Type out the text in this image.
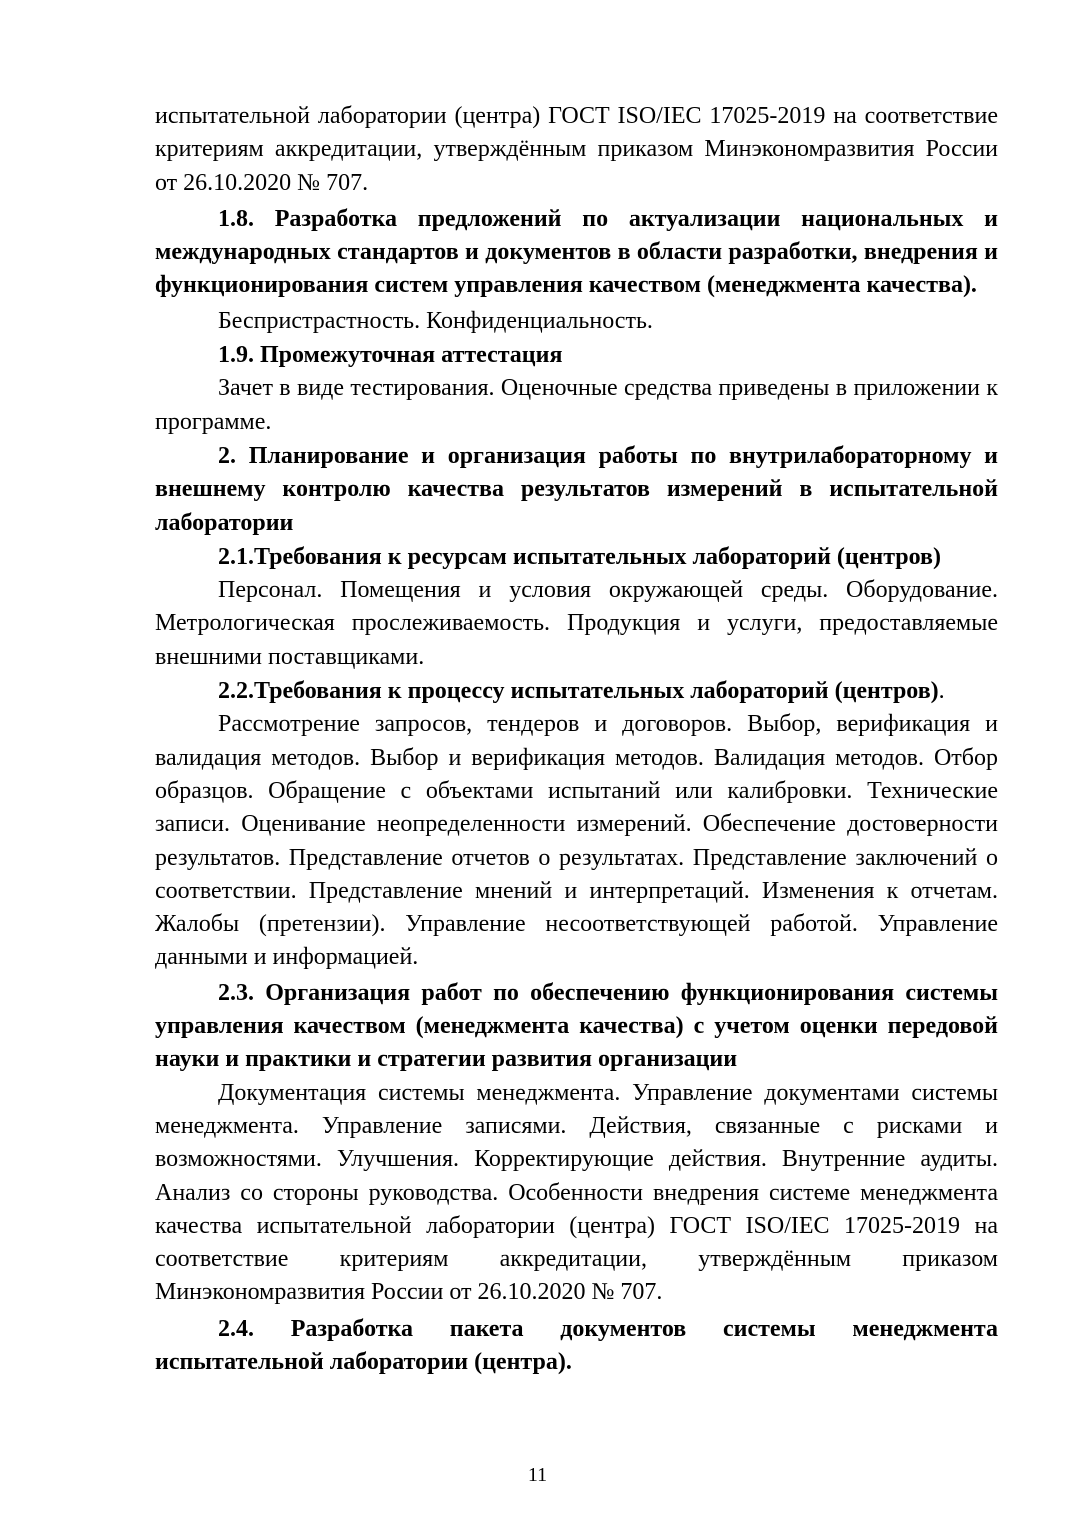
испытательной лаборатории (центра) ГОСТ ISO/IEC 17025-2019 на соответствие критериям аккредитации, утверждённым приказом Минэкономразвития России от 26.10.2020 № 707.

1.8. Разработка предложений по актуализации национальных и международных стандартов и документов в области разработки, внедрения и функционирования систем управления качеством (менеджмента качества).

Беспристрастность. Конфиденциальность.

1.9. Промежуточная аттестация

Зачет в виде тестирования. Оценочные средства приведены в приложении к программе.

2. Планирование и организация работы по внутрилабораторному и внешнему контролю качества результатов измерений в испытательной лаборатории

2.1.Требования к ресурсам испытательных лабораторий (центров)

Персонал. Помещения и условия окружающей среды. Оборудование. Метрологическая прослеживаемость. Продукция и услуги, предоставляемые внешними поставщиками.

2.2.Требования к процессу испытательных лабораторий (центров).

Рассмотрение запросов, тендеров и договоров. Выбор, верификация и валидация методов. Выбор и верификация методов. Валидация методов. Отбор образцов. Обращение с объектами испытаний или калибровки. Технические записи. Оценивание неопределенности измерений. Обеспечение достоверности результатов. Представление отчетов о результатах. Представление заключений о соответствии. Представление мнений и интерпретаций. Изменения к отчетам. Жалобы (претензии). Управление несоответствующей работой. Управление данными и информацией.

2.3. Организация работ по обеспечению функционирования системы управления качеством (менеджмента качества) с учетом оценки передовой науки и практики и стратегии развития организации

Документация системы менеджмента. Управление документами системы менеджмента. Управление записями. Действия, связанные с рисками и возможностями. Улучшения. Корректирующие действия. Внутренние аудиты. Анализ со стороны руководства. Особенности внедрения системе менеджмента качества испытательной лаборатории (центра) ГОСТ ISO/IEC 17025-2019 на соответствие критериям аккредитации, утверждённым приказом Минэкономразвития России от 26.10.2020 № 707.

2.4. Разработка пакета документов системы менеджмента испытательной лаборатории (центра).

11
